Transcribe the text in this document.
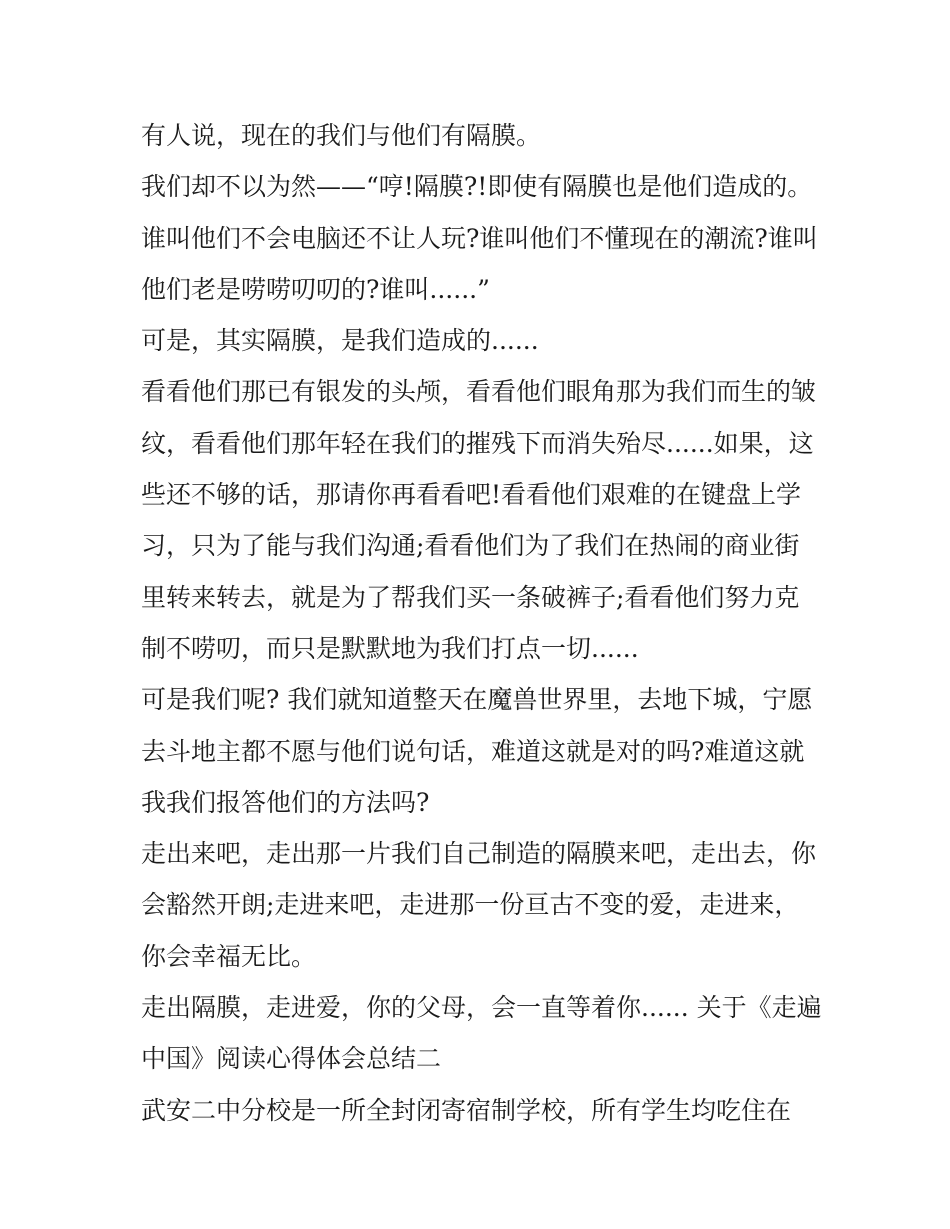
有人说，现在的我们与他们有隔膜。
我们却不以为然——“哼!隔膜?!即使有隔膜也是他们造成的。
谁叫他们不会电脑还不让人玩?谁叫他们不懂现在的潮流?谁叫
他们老是唠唠叨叨的?谁叫......”
可是，其实隔膜，是我们造成的......
看看他们那已有银发的头颅，看看他们眼角那为我们而生的皱
纹，看看他们那年轻在我们的摧残下而消失殆尽......如果，这
些还不够的话，那请你再看看吧!看看他们艰难的在键盘上学
习，只为了能与我们沟通;看看他们为了我们在热闹的商业街
里转来转去，就是为了帮我们买一条破裤子;看看他们努力克
制不唠叨，而只是默默地为我们打点一切......
可是我们呢? 我们就知道整天在魔兽世界里，去地下城，宁愿
去斗地主都不愿与他们说句话，难道这就是对的吗?难道这就
我我们报答他们的方法吗?
走出来吧，走出那一片我们自己制造的隔膜来吧，走出去，你
会豁然开朗;走进来吧，走进那一份亘古不变的爱，走进来，
你会幸福无比。
走出隔膜，走进爱，你的父母，会一直等着你...... 关于《走遍
中国》阅读心得体会总结二
武安二中分校是一所全封闭寄宿制学校，所有学生均吃住在
